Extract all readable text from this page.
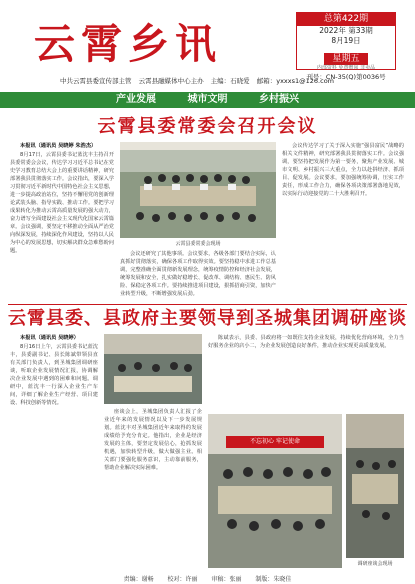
云霄乡讯
总第422期
2022年 第33期
8月19日
星期五
内部资料 免费赠阅 非卖品
刊号：CN-35(Q)第0036号
中共云霄县委宣传部主管 云霄县融媒体中心主办 主编：石晓爱 邮箱：yxxxs1@126.com
产业发展	城市文明	乡村振兴
云霄县委常委会召开会议

本报讯（通讯员 吴晓婷 朱浩杰）

8月17日，云霄县委书记蓝沈丰主持召开县委常委会会议，传达学习习近平总书记在党史学习教育总结大会上的重要讲话精神，研究部署我县贯彻落实工作。会议指出，要深入学习贯彻习近平新时代中国特色社会主义思想，进一步提高政治站位，坚持不懈用党的创新理论武装头脑、指导实践、推动工作。要把学习成果转化为推动云霄高质量发展的强大动力，奋力谱写全面建设社会主义现代化国家云霄篇章。会议强调，要坚定不移推动全面从严治党向纵深发展，持续深化作风建设，坚持以人民为中心的发展思想，切实解决群众急难愁盼问题。

云霄县委常委会现场

会议还研究了其他事项。会议要求，各级各部门要结合实际，认真抓好贯彻落实，确保各项工作取得实效。要坚持稳中求进工作总基调，完整准确全面贯彻新发展理念，统筹疫情防控和经济社会发展，统筹发展和安全，扎实做好稳增长、促改革、调结构、惠民生、防风险、保稳定各项工作。要持续推进项目建设，狠抓招商引资，加快产业转型升级，不断增强发展后劲。

会议传达学习了关于深入实施“强县富民”战略的相关文件精神，研究部署我县贯彻落实工作。会议强调，要坚持把发展作为第一要务，聚焦产业发展、城市文明、乡村振兴三大重点，全力以赴拼经济、抓项目、促发展。会议要求，要加强统筹协调，压实工作责任，形成工作合力，确保各项决策部署落地见效，以实际行动迎接党的二十大胜利召开。

云霄县委、县政府主要领导到圣城集团调研座谈

本报讯（通讯员 吴晓婷）

8月16日上午，云霄县委书记蓝沈丰，县委副书记、县长陈斌带领县直有关部门负责人，到圣城集团调研座谈，听取企业发展情况汇报，协调解决企业发展中遇到的困难和问题。调研中，蓝沈丰一行深入企业生产车间，详细了解企业生产经营、项目建设、科技创新等情况。

座谈会上，圣城集团负责人汇报了企业近年来的发展情况以及下一步发展规划。蓝沈丰对圣城集团近年来取得的发展成绩给予充分肯定。他指出，企业是经济发展的主体，要坚定发展信心，抢抓发展机遇，加快转型升级，做大做强主业。相关部门要强化服务意识，主动靠前服务，帮助企业解决实际困难。

陈斌表示，县委、县政府将一如既往支持企业发展，持续优化营商环境，全力当好服务企业的店小二，为企业发展创造良好条件，推动企业实现更高质量发展。

不忘初心 牢记使命
调研座谈会现场
责编：谢畅 校对：许丽 审稿：张丽 制版：朱晓佳
